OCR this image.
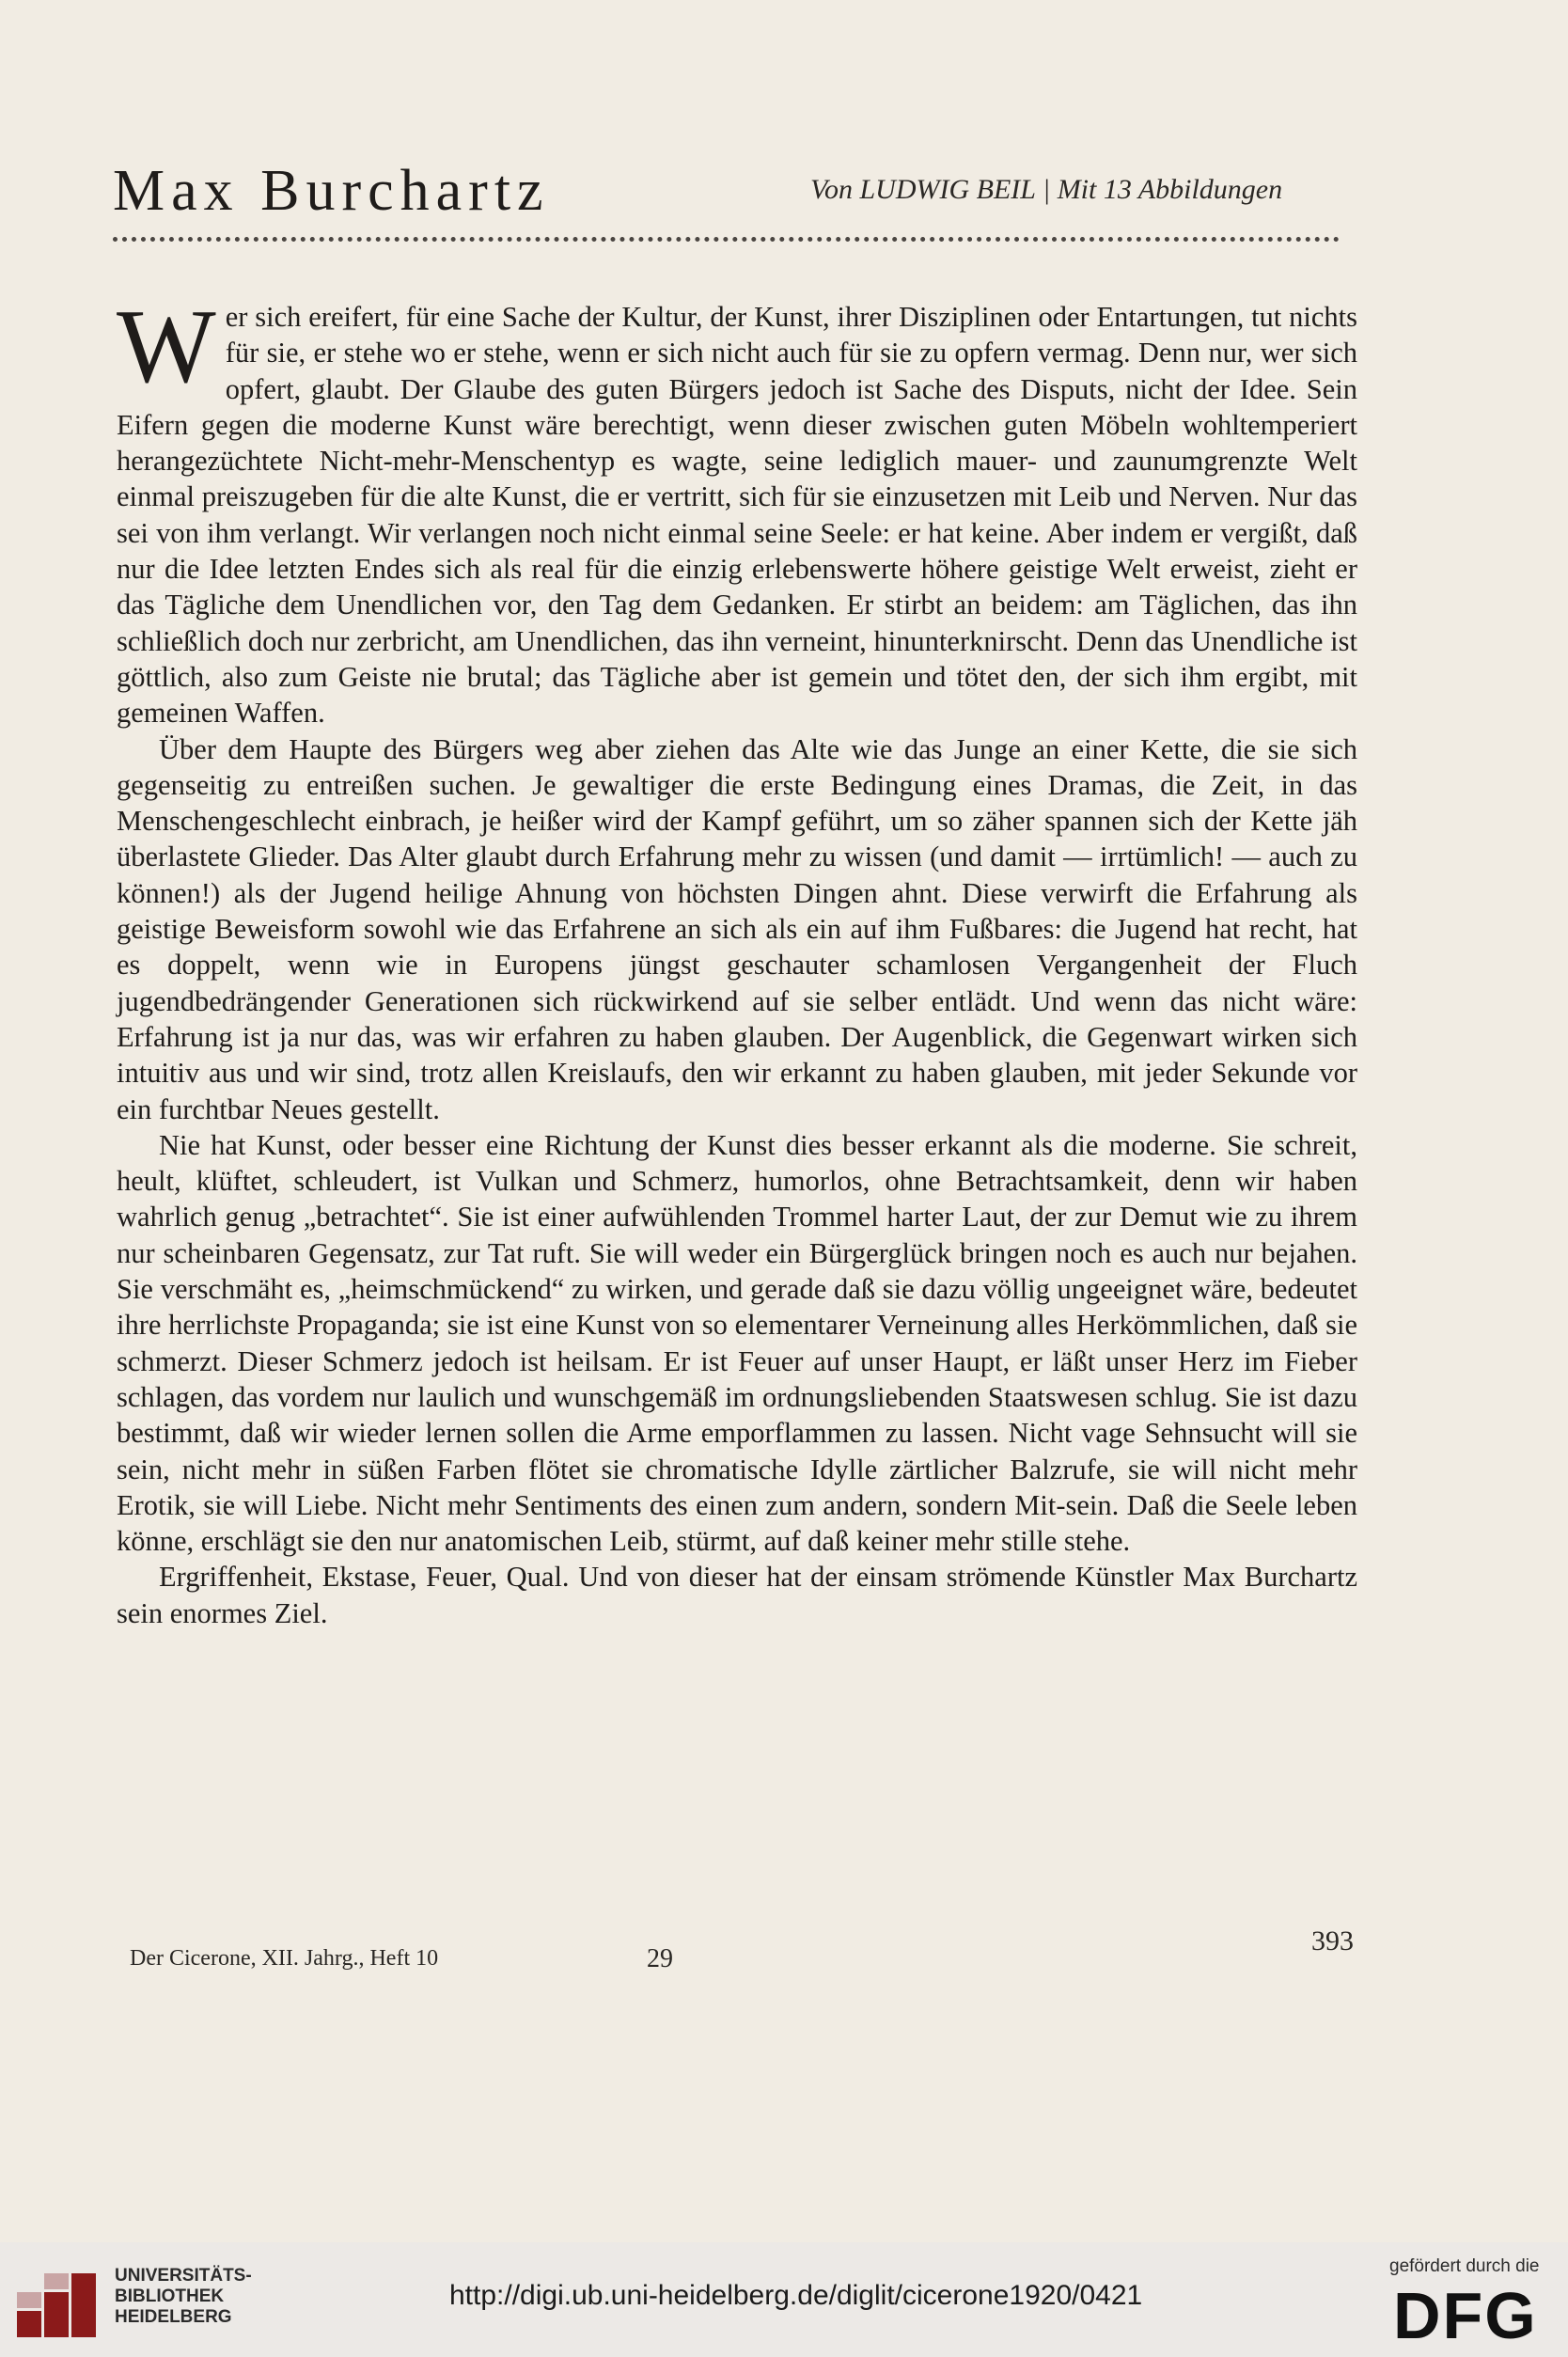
Max Burchartz	Von LUDWIG BEIL | Mit 13 Abbildungen

Wer sich ereifert, für eine Sache der Kultur, der Kunst, ihrer Disziplinen oder Entartungen, tut nichts für sie, er stehe wo er stehe, wenn er sich nicht auch für sie zu opfern vermag. Denn nur, wer sich opfert, glaubt. Der Glaube des guten Bürgers jedoch ist Sache des Disputs, nicht der Idee. Sein Eifern gegen die moderne Kunst wäre berechtigt, wenn dieser zwischen guten Möbeln wohltemperiert herangezüchtete Nicht-mehr-Menschentyp es wagte, seine lediglich mauer- und zaunumgrenzte Welt einmal preiszugeben für die alte Kunst, die er vertritt, sich für sie einzusetzen mit Leib und Nerven. Nur das sei von ihm verlangt. Wir verlangen noch nicht einmal seine Seele: er hat keine. Aber indem er vergißt, daß nur die Idee letzten Endes sich als real für die einzig erlebenswerte höhere geistige Welt erweist, zieht er das Tägliche dem Unendlichen vor, den Tag dem Gedanken. Er stirbt an beidem: am Täglichen, das ihn schließlich doch nur zerbricht, am Unendlichen, das ihn verneint, hinunterknirscht. Denn das Unendliche ist göttlich, also zum Geiste nie brutal; das Tägliche aber ist gemein und tötet den, der sich ihm ergibt, mit gemeinen Waffen.

Über dem Haupte des Bürgers weg aber ziehen das Alte wie das Junge an einer Kette, die sie sich gegenseitig zu entreißen suchen. Je gewaltiger die erste Bedingung eines Dramas, die Zeit, in das Menschengeschlecht einbrach, je heißer wird der Kampf geführt, um so zäher spannen sich der Kette jäh überlastete Glieder. Das Alter glaubt durch Erfahrung mehr zu wissen (und damit — irrtümlich! — auch zu können!) als der Jugend heilige Ahnung von höchsten Dingen ahnt. Diese verwirft die Erfahrung als geistige Beweisform sowohl wie das Erfahrene an sich als ein auf ihm Fußbares: die Jugend hat recht, hat es doppelt, wenn wie in Europens jüngst geschauter schamlosen Vergangenheit der Fluch jugendbedrängender Generationen sich rückwirkend auf sie selber entlädt. Und wenn das nicht wäre: Erfahrung ist ja nur das, was wir erfahren zu haben glauben. Der Augenblick, die Gegenwart wirken sich intuitiv aus und wir sind, trotz allen Kreislaufs, den wir erkannt zu haben glauben, mit jeder Sekunde vor ein furchtbar Neues gestellt.

Nie hat Kunst, oder besser eine Richtung der Kunst dies besser erkannt als die moderne. Sie schreit, heult, klüftet, schleudert, ist Vulkan und Schmerz, humorlos, ohne Betrachtsamkeit, denn wir haben wahrlich genug „betrachtet“. Sie ist einer aufwühlenden Trommel harter Laut, der zur Demut wie zu ihrem nur scheinbaren Gegensatz, zur Tat ruft. Sie will weder ein Bürgerglück bringen noch es auch nur bejahen. Sie verschmäht es, „heimschmückend“ zu wirken, und gerade daß sie dazu völlig ungeeignet wäre, bedeutet ihre herrlichste Propaganda; sie ist eine Kunst von so elementarer Verneinung alles Herkömmlichen, daß sie schmerzt. Dieser Schmerz jedoch ist heilsam. Er ist Feuer auf unser Haupt, er läßt unser Herz im Fieber schlagen, das vordem nur laulich und wunschgemäß im ordnungsliebenden Staatswesen schlug. Sie ist dazu bestimmt, daß wir wieder lernen sollen die Arme emporflammen zu lassen. Nicht vage Sehnsucht will sie sein, nicht mehr in süßen Farben flötet sie chromatische Idylle zärtlicher Balzrufe, sie will nicht mehr Erotik, sie will Liebe. Nicht mehr Sentiments des einen zum andern, sondern Mit-sein. Daß die Seele leben könne, erschlägt sie den nur anatomischen Leib, stürmt, auf daß keiner mehr stille stehe.

Ergriffenheit, Ekstase, Feuer, Qual. Und von dieser hat der einsam strömende Künstler Max Burchartz sein enormes Ziel.

Der Cicerone, XII. Jahrg., Heft 10	29
393
UNIVERSITÄTS-
BIBLIOTHEK
HEIDELBERG
http://digi.ub.uni-heidelberg.de/diglit/cicerone1920/0421
gefördert durch die
DFG
